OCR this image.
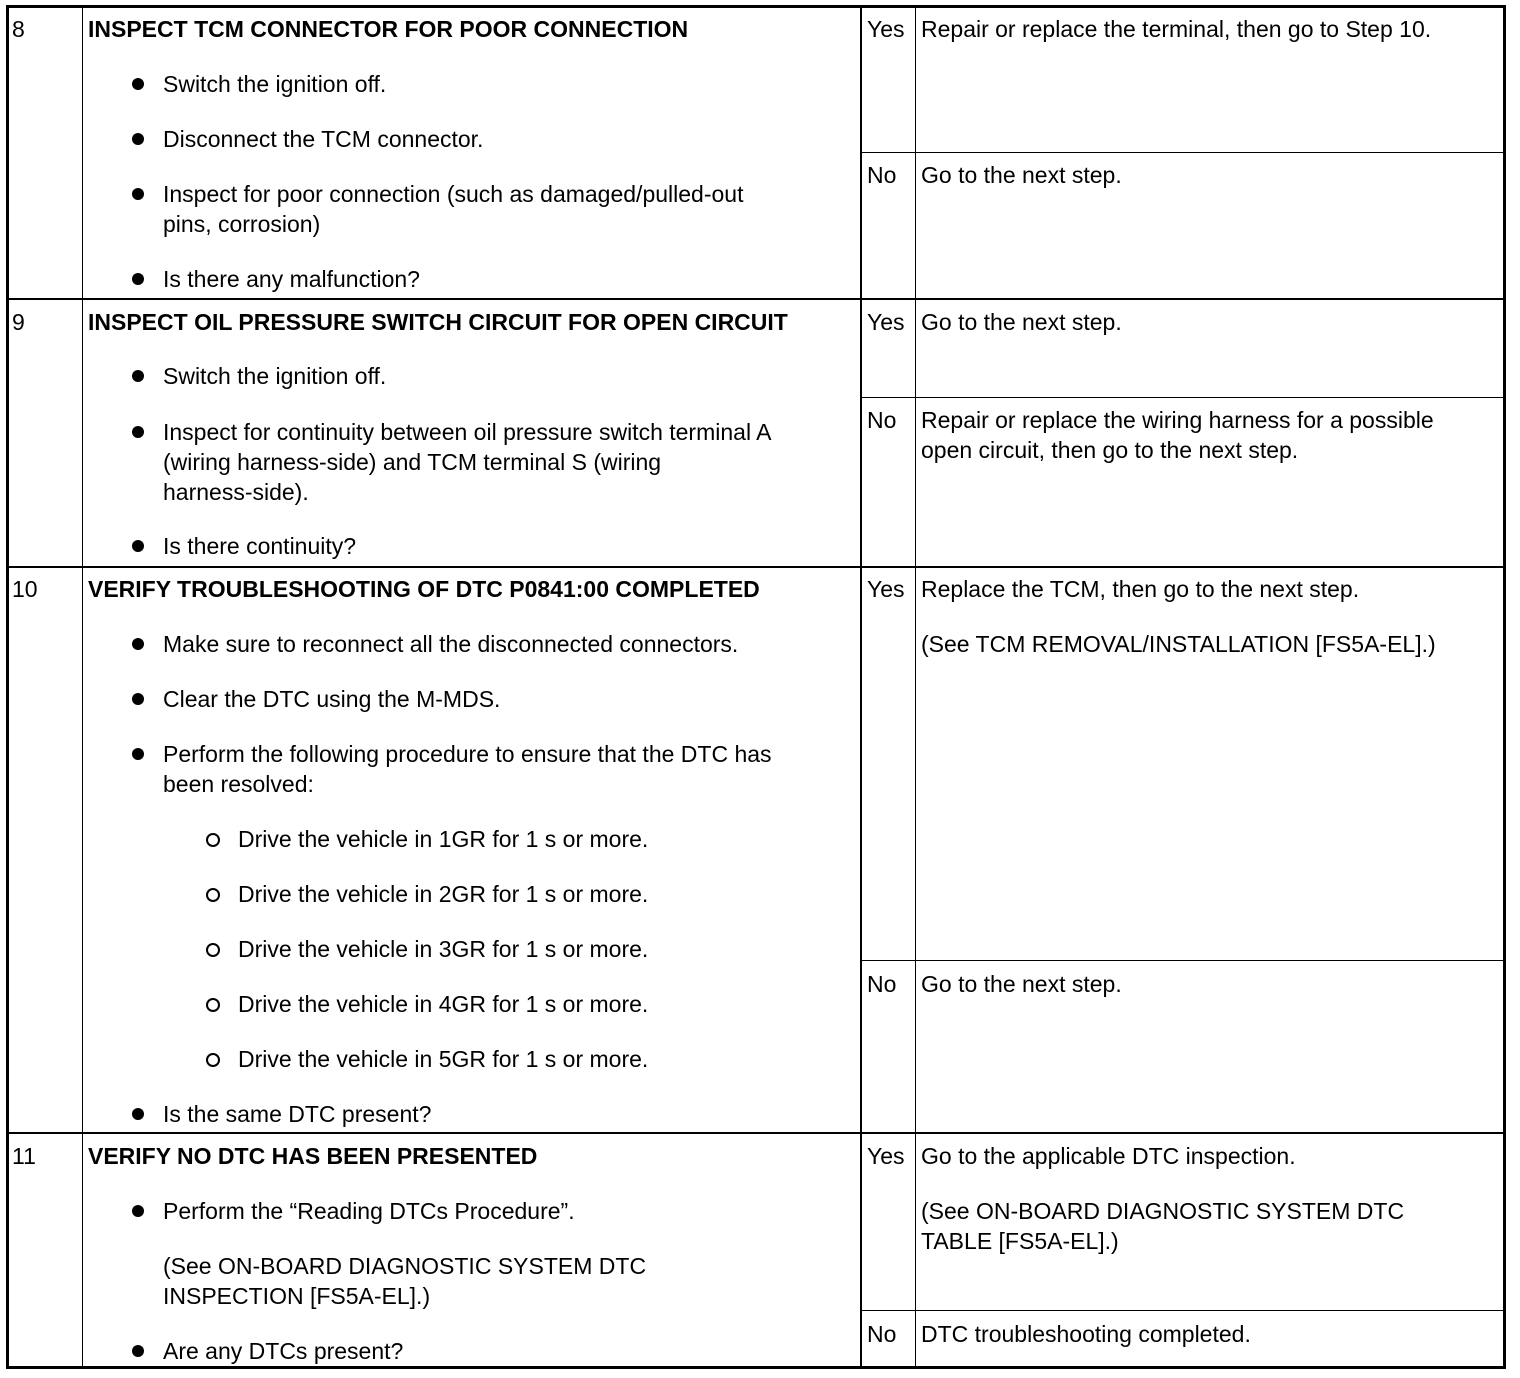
8	INSPECT TCM CONNECTOR FOR POOR CONNECTION
Switch the ignition off.
Disconnect the TCM connector.
Inspect for poor connection (such as damaged/pulled-out
pins, corrosion)
Is there any malfunction?
Yes Repair or replace the terminal, then go to Step 10.
No Go to the next step.
9	INSPECT OIL PRESSURE SWITCH CIRCUIT FOR OPEN CIRCUIT
Switch the ignition off.
Inspect for continuity between oil pressure switch terminal A
(wiring harness-side) and TCM terminal S (wiring
harness-side).
Is there continuity?
Yes Go to the next step.
No Repair or replace the wiring harness for a possible
open circuit, then go to the next step.
10 VERIFY TROUBLESHOOTING OF DTC P0841:00 COMPLETED
Make sure to reconnect all the disconnected connectors.
Clear the DTC using the M-MDS.
Perform the following procedure to ensure that the DTC has
been resolved:
Drive the vehicle in 1GR for 1 s or more.
Drive the vehicle in 2GR for 1 s or more.
Drive the vehicle in 3GR for 1 s or more.
Drive the vehicle in 4GR for 1 s or more.
Drive the vehicle in 5GR for 1 s or more.
Is the same DTC present?
Yes Replace the TCM, then go to the next step.
(See TCM REMOVAL/INSTALLATION [FS5A-EL].)
No Go to the next step.
11 VERIFY NO DTC HAS BEEN PRESENTED
Perform the “Reading DTCs Procedure”.
(See ON-BOARD DIAGNOSTIC SYSTEM DTC
INSPECTION [FS5A-EL].)
Are any DTCs present?
Yes Go to the applicable DTC inspection.
(See ON-BOARD DIAGNOSTIC SYSTEM DTC
TABLE [FS5A-EL].)
No DTC troubleshooting completed.
